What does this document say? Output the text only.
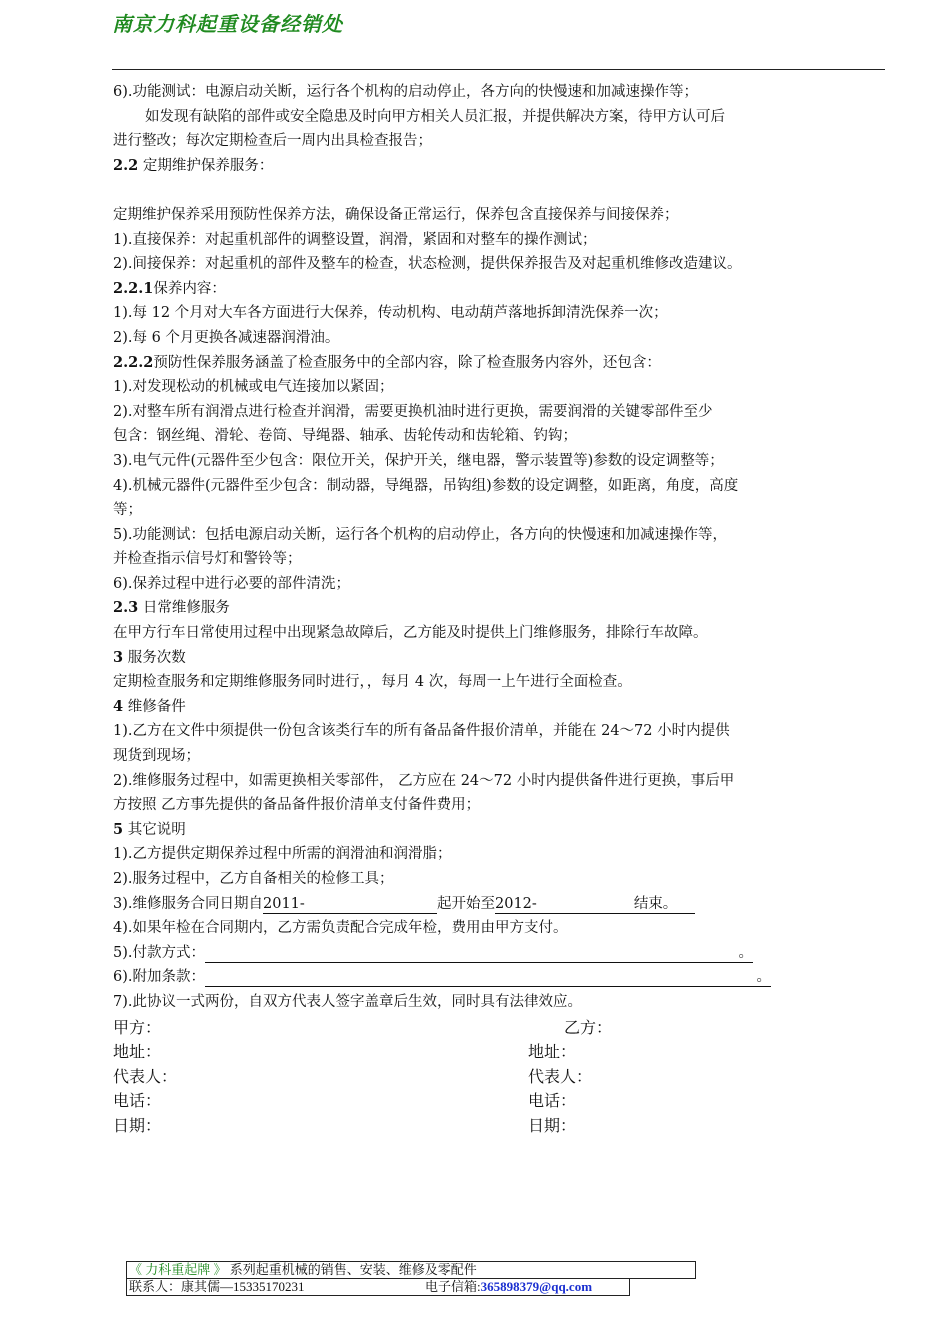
南京力科起重设备经销处
6).功能测试：电源启动关断，运行各个机构的启动停止，各方向的快慢速和加减速操作等；
如发现有缺陷的部件或安全隐患及时向甲方相关人员汇报，并提供解决方案，待甲方认可后
进行整改；每次定期检查后一周内出具检查报告；
2.2 定期维护保养服务：
定期维护保养采用预防性保养方法，确保设备正常运行，保养包含直接保养与间接保养；
1).直接保养：对起重机部件的调整设置，润滑，紧固和对整车的操作测试；
2).间接保养：对起重机的部件及整车的检查，状态检测，提供保养报告及对起重机维修改造建议。
2.2.1保养内容：
1).每 12 个月对大车各方面进行大保养，传动机构、电动葫芦落地拆卸清洗保养一次；
2).每 6 个月更换各减速器润滑油。
2.2.2预防性保养服务涵盖了检查服务中的全部内容，除了检查服务内容外，还包含：
1).对发现松动的机械或电气连接加以紧固；
2).对整车所有润滑点进行检查并润滑，需要更换机油时进行更换，需要润滑的关键零部件至少
包含：钢丝绳、滑轮、卷筒、导绳器、轴承、齿轮传动和齿轮箱、钓钩；
3).电气元件(元器件至少包含：限位开关，保护开关，继电器，警示装置等)参数的设定调整等；
4).机械元器件(元器件至少包含：制动器，导绳器，吊钩组)参数的设定调整，如距离，角度，高度
等；
5).功能测试：包括电源启动关断，运行各个机构的启动停止，各方向的快慢速和加减速操作等，
并检查指示信号灯和警铃等；
6).保养过程中进行必要的部件清洗；
2.3 日常维修服务
在甲方行车日常使用过程中出现紧急故障后，乙方能及时提供上门维修服务，排除行车故障。
3 服务次数
定期检查服务和定期维修服务同时进行，，每月 4 次，每周一上午进行全面检查。
4 维修备件
1).乙方在文件中须提供一份包含该类行车的所有备品备件报价清单，并能在 24～72 小时内提供
现货到现场；
2).维修服务过程中，如需更换相关零部件， 乙方应在 24～72 小时内提供备件进行更换，事后甲
方按照 乙方事先提供的备品备件报价清单支付备件费用；
5 其它说明
1).乙方提供定期保养过程中所需的润滑油和润滑脂；
2).服务过程中，乙方自备相关的检修工具；
3).维修服务合同日期自2011-	起开始至2012-	结束。
4).如果年检在合同期内，乙方需负责配合完成年检，费用由甲方支付。
5).付款方式：	。
6).附加条款：	。
7).此协议一式两份，自双方代表人签字盖章后生效，同时具有法律效应。
甲方：	乙方：
地址：	地址：
代表人：	代表人：
电话：	电话：
日期：	日期：
《 力科重起牌 》 系列起重机械的销售、安装、维修及零配件
联系人：康其儒—15335170231	电子信箱:365898379@qq.com
